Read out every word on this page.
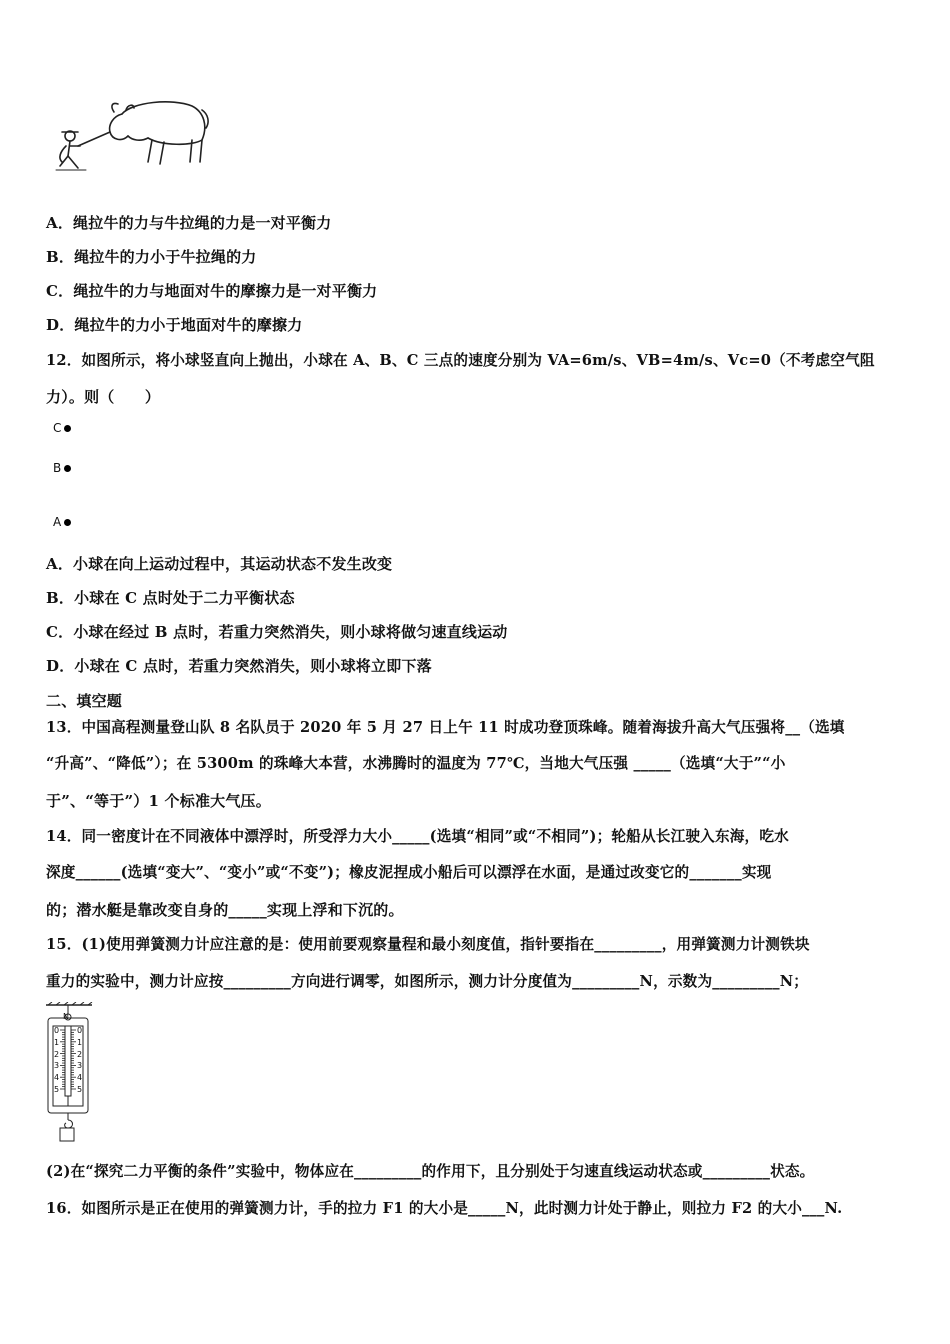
A．绳拉牛的力与牛拉绳的力是一对平衡力
B．绳拉牛的力小于牛拉绳的力
C．绳拉牛的力与地面对牛的摩擦力是一对平衡力
D．绳拉牛的力小于地面对牛的摩擦力
12．如图所示，将小球竖直向上抛出，小球在 A、B、C 三点的速度分别为 VA=6m/s、VB=4m/s、Vc=0（不考虑空气阻
力）。则（　　）
C
B
A
A．小球在向上运动过程中，其运动状态不发生改变
B．小球在 C 点时处于二力平衡状态
C．小球在经过 B 点时，若重力突然消失，则小球将做匀速直线运动
D．小球在 C 点时，若重力突然消失，则小球将立即下落
二、填空题
13．中国高程测量登山队 8 名队员于 2020 年 5 月 27 日上午 11 时成功登顶珠峰。随着海拔升高大气压强将__（选填
“升高”、“降低”）；在 5300m 的珠峰大本营，水沸腾时的温度为 77℃，当地大气压强 _____（选填“大于”“小
于”、“等于”）1 个标准大气压。
14．同一密度计在不同液体中漂浮时，所受浮力大小_____(选填“相同”或“不相同”)；轮船从长江驶入东海，吃水
深度______(选填“变大”、“变小”或“不变”)；橡皮泥捏成小船后可以漂浮在水面，是通过改变它的_______实现
的；潜水艇是靠改变自身的_____实现上浮和下沉的。
15．(1)使用弹簧测力计应注意的是：使用前要观察量程和最小刻度值，指针要指在_________，用弹簧测力计测铁块
重力的实验中，测力计应按_________方向进行调零，如图所示，测力计分度值为_________N，示数为_________N；
N
0
1
2
3
4
5
0
1
2
3
4
5
(2)在“探究二力平衡的条件”实验中，物体应在_________的作用下，且分别处于匀速直线运动状态或_________状态。
16．如图所示是正在使用的弹簧测力计，手的拉力 F1 的大小是_____N，此时测力计处于静止，则拉力 F2 的大小___N.
